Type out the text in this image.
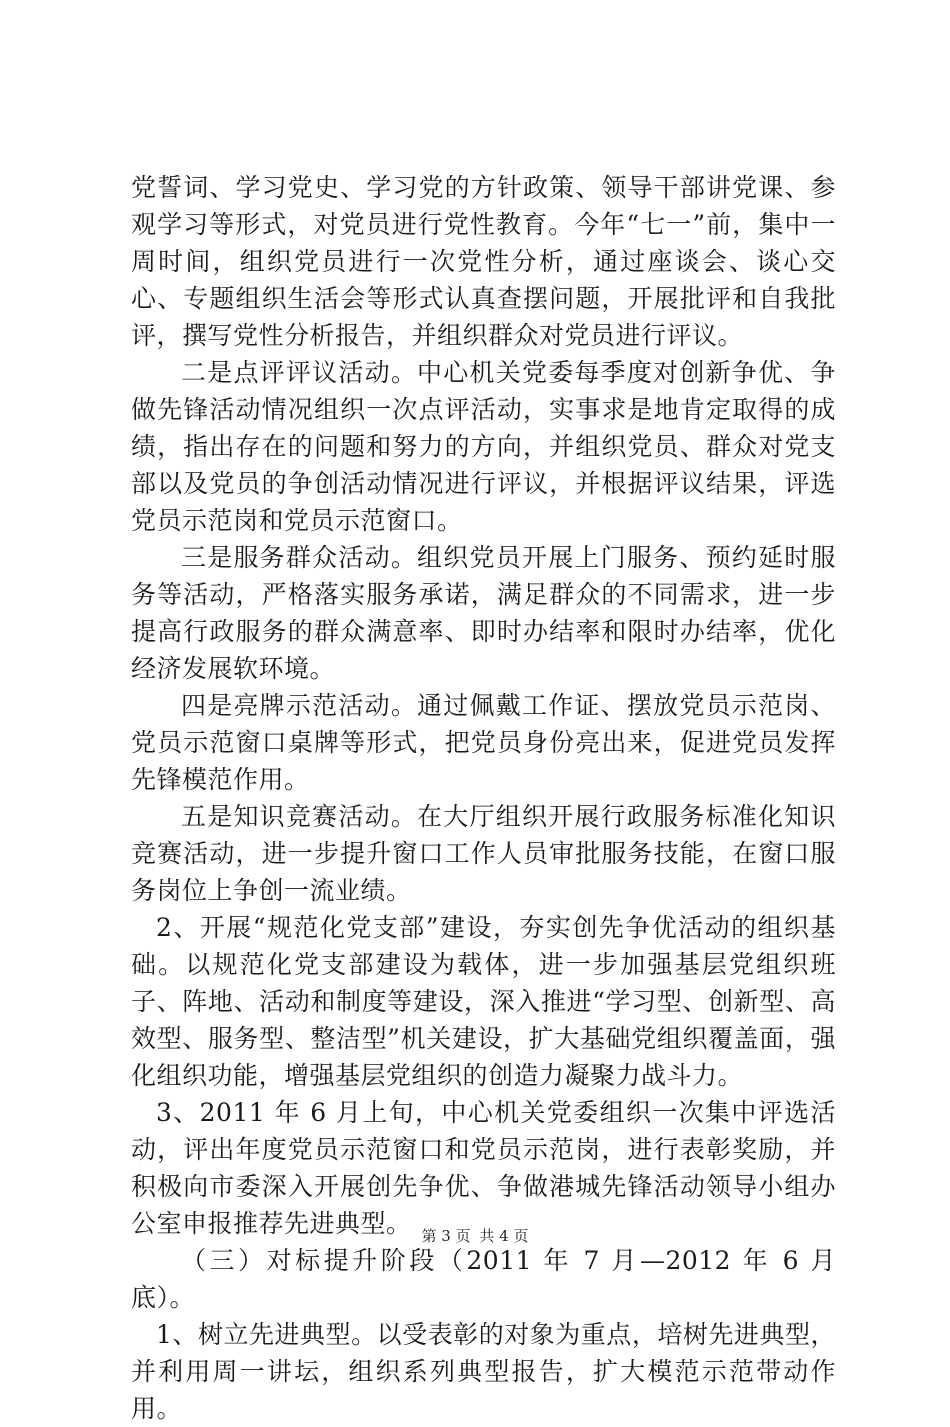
党誓词、学习党史、学习党的方针政策、领导干部讲党课、参观学习等形式，对党员进行党性教育。今年“七一”前，集中一周时间，组织党员进行一次党性分析，通过座谈会、谈心交心、专题组织生活会等形式认真查摆问题，开展批评和自我批评，撰写党性分析报告，并组织群众对党员进行评议。

二是点评评议活动。中心机关党委每季度对创新争优、争做先锋活动情况组织一次点评活动，实事求是地肯定取得的成绩，指出存在的问题和努力的方向，并组织党员、群众对党支部以及党员的争创活动情况进行评议，并根据评议结果，评选党员示范岗和党员示范窗口。

三是服务群众活动。组织党员开展上门服务、预约延时服务等活动，严格落实服务承诺，满足群众的不同需求，进一步提高行政服务的群众满意率、即时办结率和限时办结率，优化经济发展软环境。

四是亮牌示范活动。通过佩戴工作证、摆放党员示范岗、党员示范窗口桌牌等形式，把党员身份亮出来，促进党员发挥先锋模范作用。

五是知识竞赛活动。在大厅组织开展行政服务标准化知识竞赛活动，进一步提升窗口工作人员审批服务技能，在窗口服务岗位上争创一流业绩。

2、开展“规范化党支部”建设，夯实创先争优活动的组织基础。以规范化党支部建设为载体，进一步加强基层党组织班子、阵地、活动和制度等建设，深入推进“学习型、创新型、高效型、服务型、整洁型”机关建设，扩大基础党组织覆盖面，强化组织功能，增强基层党组织的创造力凝聚力战斗力。

3、2011 年 6 月上旬，中心机关党委组织一次集中评选活动，评出年度党员示范窗口和党员示范岗，进行表彰奖励，并积极向市委深入开展创先争优、争做港城先锋活动领导小组办公室申报推荐先进典型。

（三）对标提升阶段（2011 年 7 月—2012 年 6 月底）。

1、树立先进典型。以受表彰的对象为重点，培树先进典型，并利用周一讲坛，组织系列典型报告，扩大模范示范带动作用。

第 3 页 共 4 页
